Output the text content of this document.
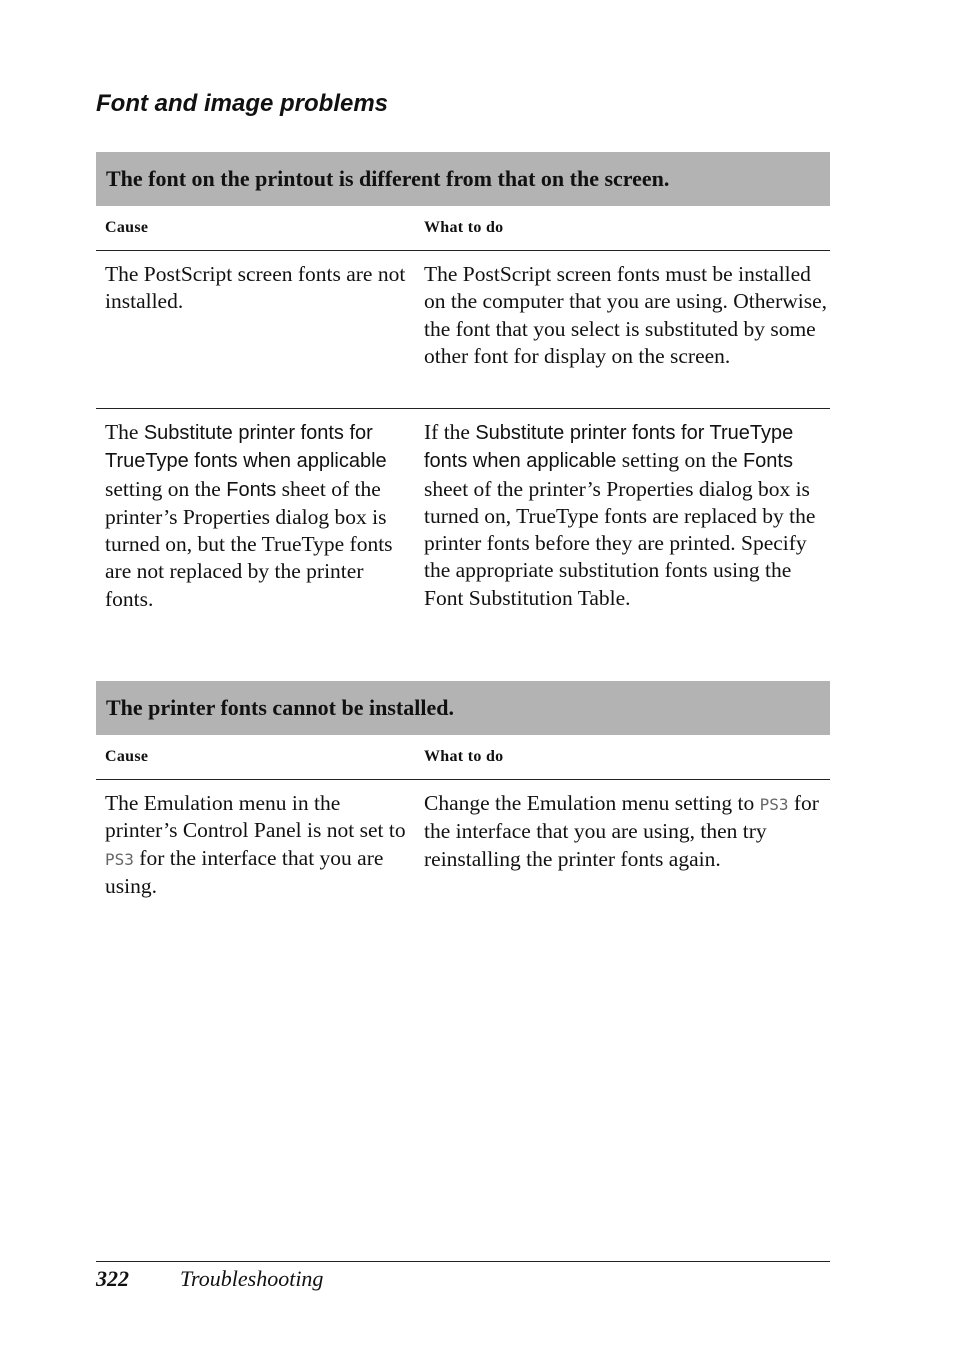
Font and image problems
The font on the printout is different from that on the screen.
Cause	What to do
The PostScript screen fonts are not installed.
The PostScript screen fonts must be installed on the computer that you are using. Otherwise, the font that you select is substituted by some other font for display on the screen.
The Substitute printer fonts for TrueType fonts when applicable setting on the Fonts sheet of the printer’s Properties dialog box is turned on, but the TrueType fonts are not replaced by the printer fonts.
If the Substitute printer fonts for TrueType fonts when applicable setting on the Fonts sheet of the printer’s Properties dialog box is turned on, TrueType fonts are replaced by the printer fonts before they are printed. Specify the appropriate substitution fonts using the Font Substitution Table.
The printer fonts cannot be installed.
Cause	What to do
The Emulation menu in the printer’s Control Panel is not set to PS3 for the interface that you are using.
Change the Emulation menu setting to PS3 for the interface that you are using, then try reinstalling the printer fonts again.
322 Troubleshooting
